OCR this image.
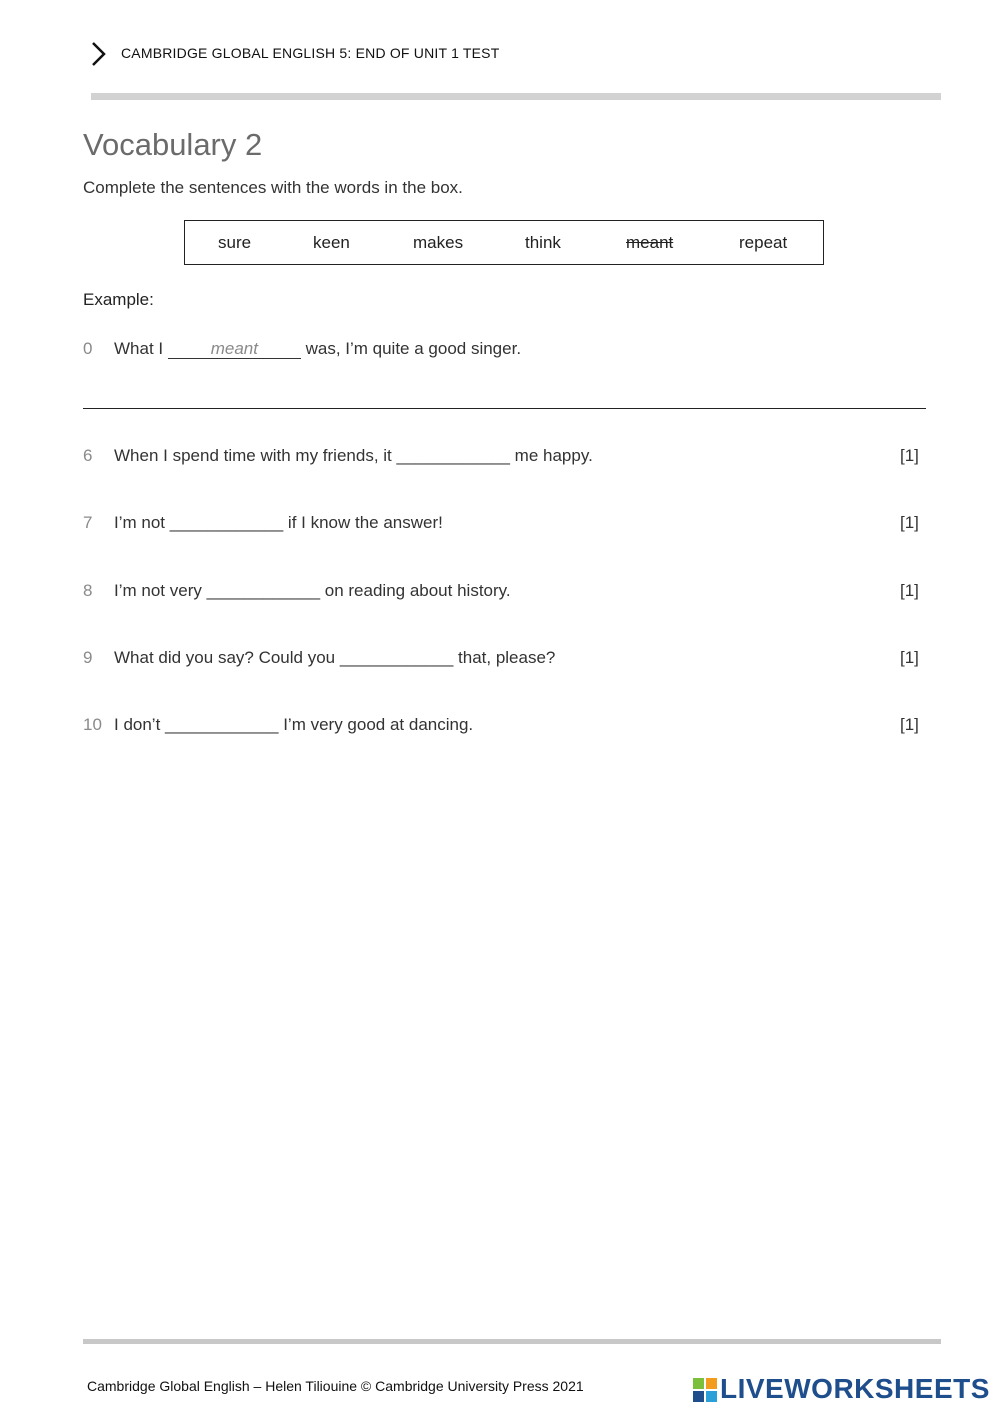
CAMBRIDGE GLOBAL ENGLISH 5: END OF UNIT 1 TEST
Vocabulary 2
Complete the sentences with the words in the box.
sure	keen	makes	think	meant	repeat
Example:
0 What I	meant	was, I’m quite a good singer.
6 When I spend time with my friends, it ____________ me happy.	[1]
7 I’m not ____________ if I know the answer!	[1]
8 I’m not very ____________ on reading about history.	[1]
9 What did you say? Could you ____________ that, please?	[1]
10 I don’t ____________ I’m very good at dancing.	[1]
Cambridge Global English – Helen Tiliouine © Cambridge University Press 2021	LIVEWORKSHEETS
